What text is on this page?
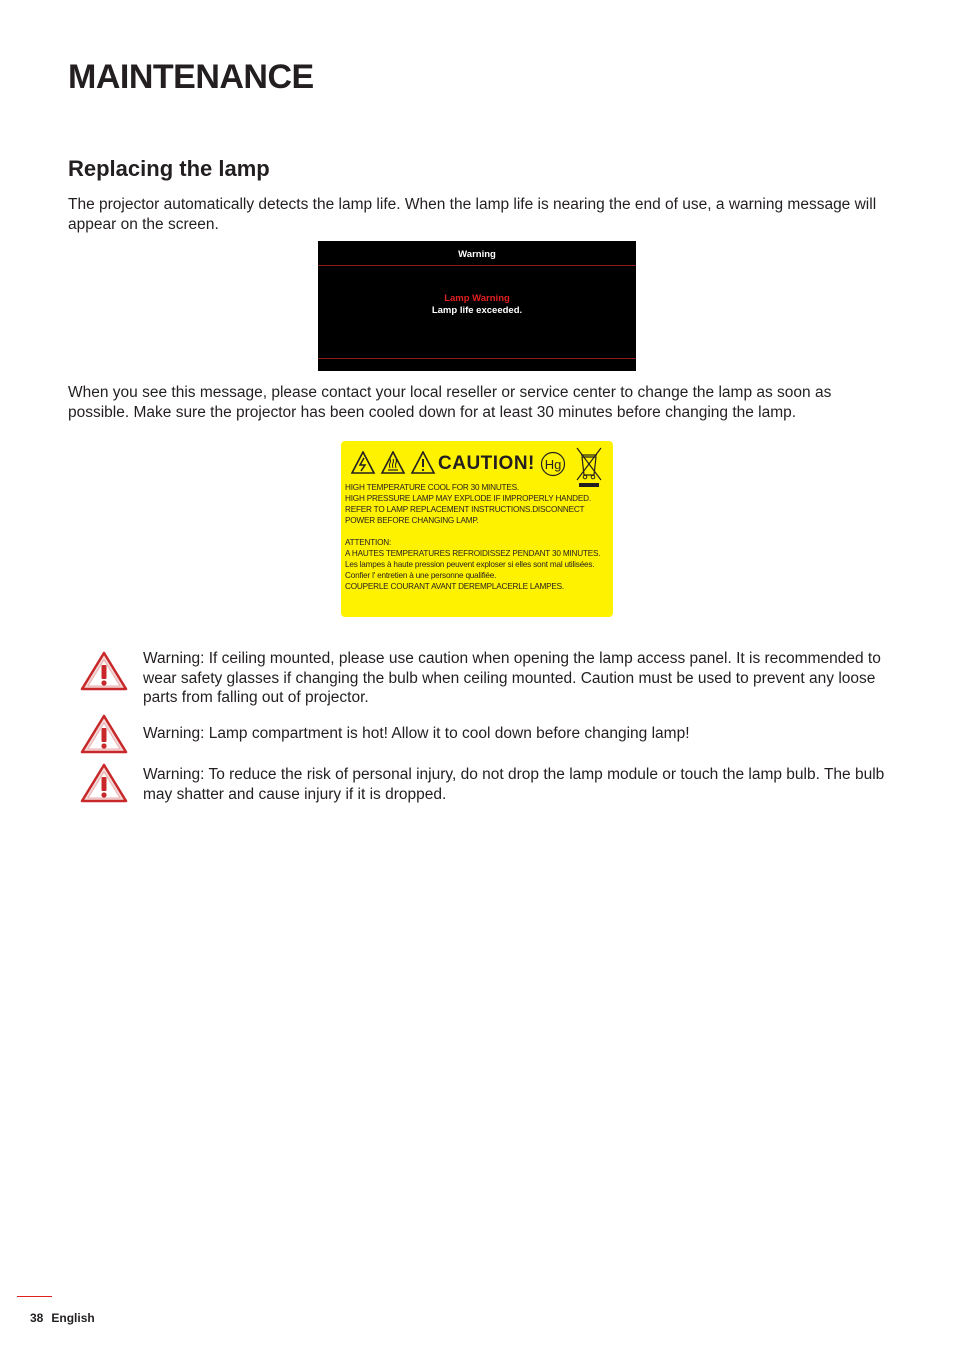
MAINTENANCE
Replacing the lamp

The projector automatically detects the lamp life. When the lamp life is nearing the end of use, a warning message will appear on the screen.

Warning
Lamp Warning
Lamp life exceeded.

When you see this message, please contact your local reseller or service center to change the lamp as soon as possible. Make sure the projector has been cooled down for at least 30 minutes before changing the lamp.

CAUTION! Hg
HIGH TEMPERATURE COOL FOR 30 MINUTES.
HIGH PRESSURE LAMP MAY EXPLODE IF IMPROPERLY HANDED.
REFER TO LAMP REPLACEMENT INSTRUCTIONS.DISCONNECT
POWER BEFORE CHANGING LAMP.
ATTENTION:
A HAUTES TEMPERATURES REFROIDISSEZ PENDANT 30 MINUTES.
Les lampes à haute pression peuvent exploser si elles sont mal utilisées.
Confier l' entretien à une personne qualifiée.
COUPERLE COURANT AVANT DEREMPLACERLE LAMPES.

Warning: If ceiling mounted, please use caution when opening the lamp access panel. It is recommended to wear safety glasses if changing the bulb when ceiling mounted. Caution must be used to prevent any loose parts from falling out of projector.

Warning: Lamp compartment is hot! Allow it to cool down before changing lamp!

Warning: To reduce the risk of personal injury, do not drop the lamp module or touch the lamp bulb. The bulb may shatter and cause injury if it is dropped.

38 English
